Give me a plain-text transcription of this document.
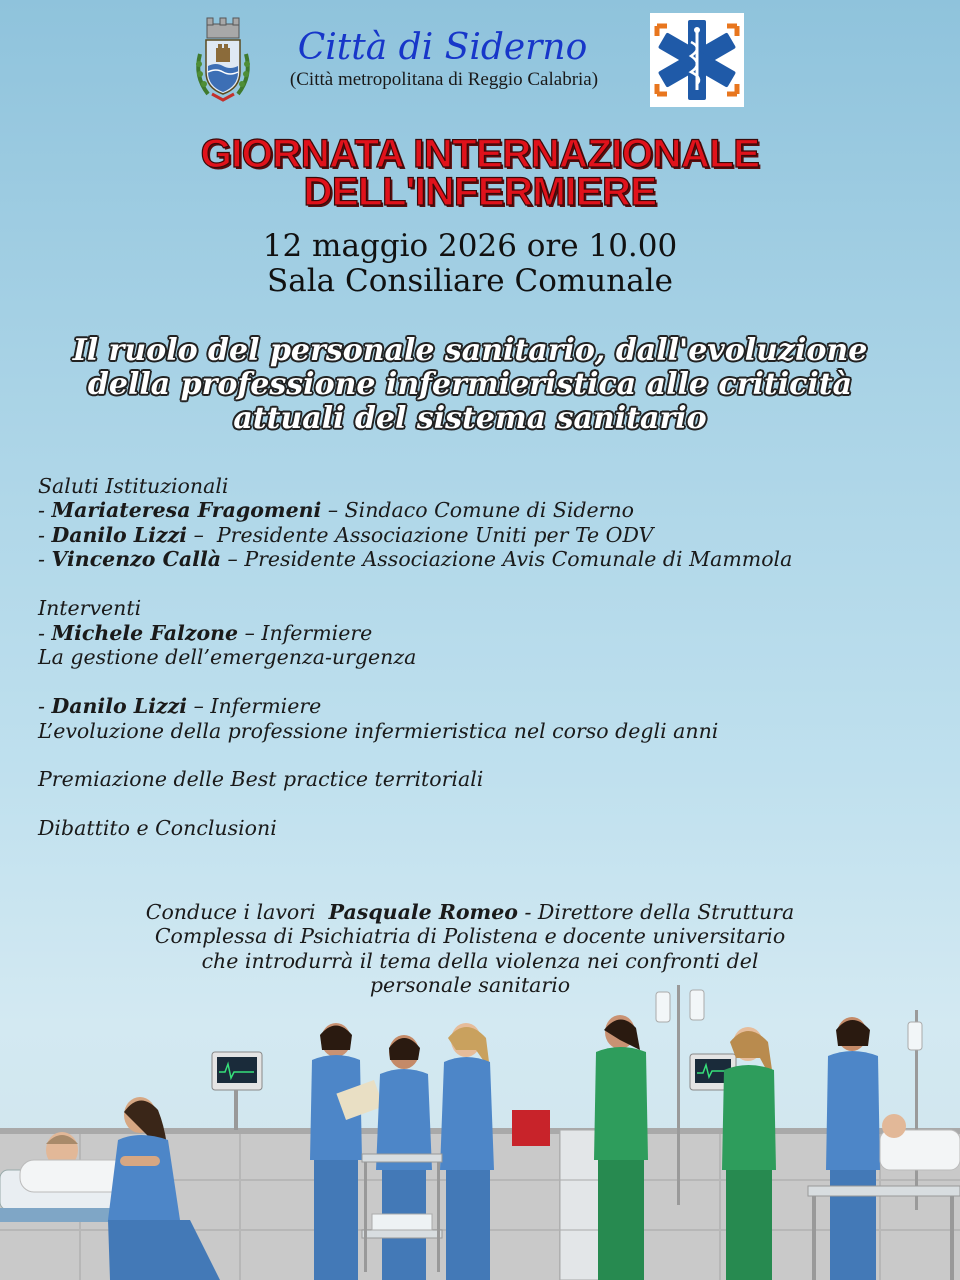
Città di Siderno
(Città metropolitana di Reggio Calabria)
GIORNATA INTERNAZIONALE
DELL'INFERMIERE
12 maggio 2026 ore 10.00
Sala Consiliare Comunale
Il ruolo del personale sanitario, dall'evoluzione
della professione infermieristica alle criticità
attuali del sistema sanitario
Saluti Istituzionali
- Mariateresa Fragomeni – Sindaco Comune di Siderno
- Danilo Lizzi –  Presidente Associazione Uniti per Te ODV
- Vincenzo Callà – Presidente Associazione Avis Comunale di Mammola
Interventi
- Michele Falzone – Infermiere
La gestione dell’emergenza-urgenza
- Danilo Lizzi – Infermiere
L’evoluzione della professione infermieristica nel corso degli anni
Premiazione delle Best practice territoriali
Dibattito e Conclusioni
Conduce i lavori Pasquale Romeo - Direttore della Struttura
Complessa di Psichiatria di Polistena e docente universitario
che introdurrà il tema della violenza nei confronti del
personale sanitario
